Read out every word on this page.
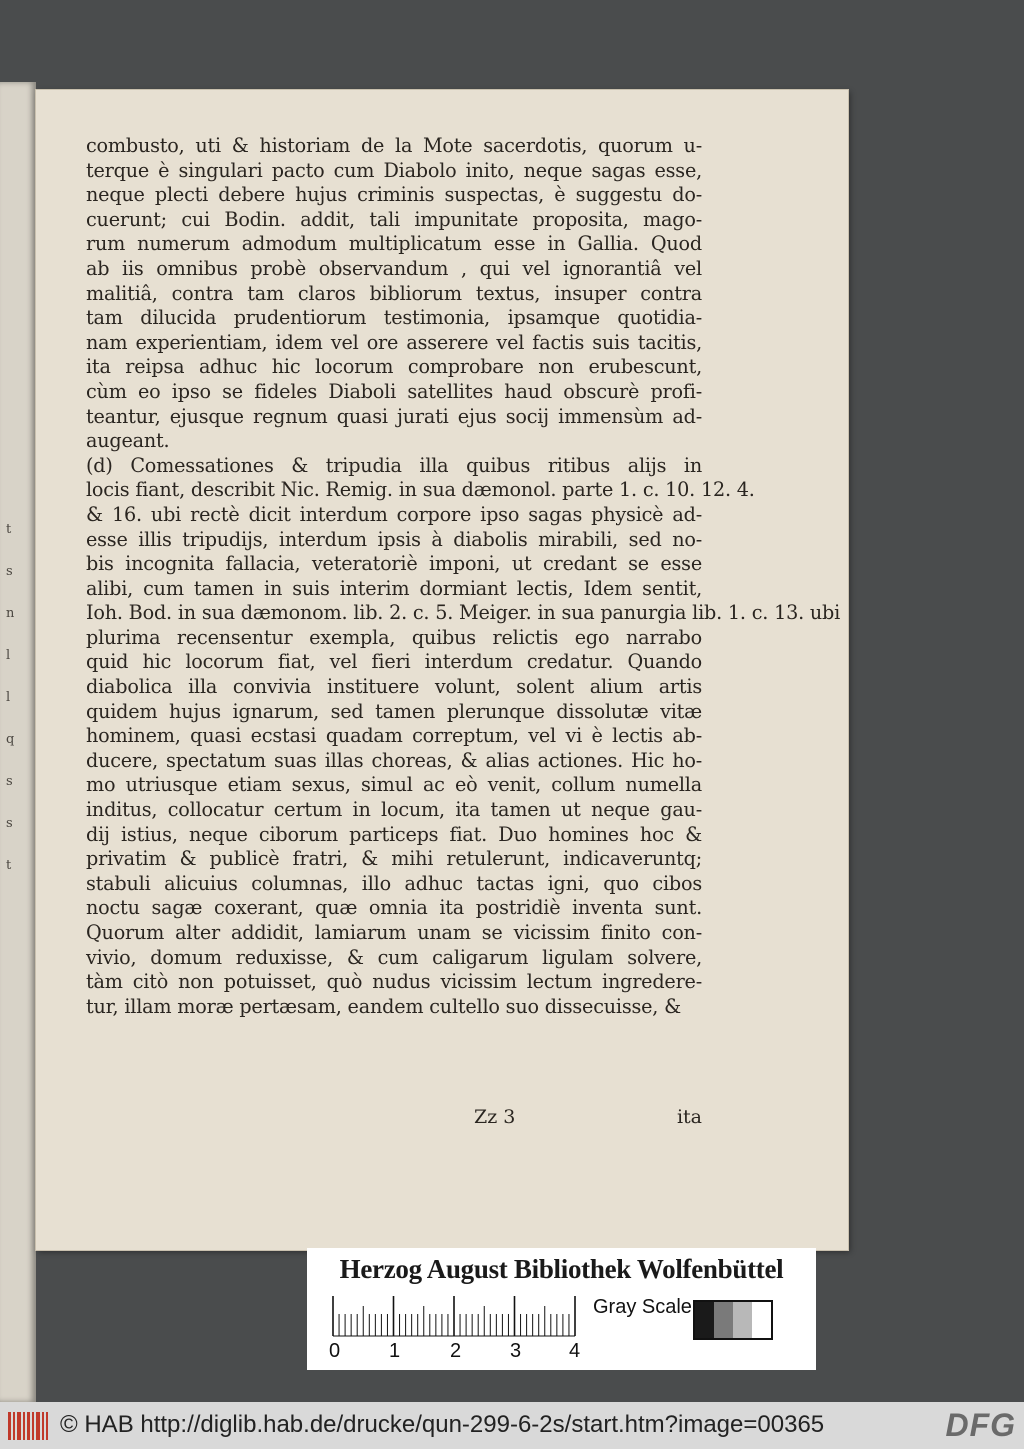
t
s
n
l
l
q
s
s
t
combusto, uti & historiam de la Mote sacerdotis, quorum u-
terque è singulari pacto cum Diabolo inito, neque sagas esse,
neque plecti debere hujus criminis suspectas, è suggestu do-
cuerunt; cui Bodin. addit, tali impunitate proposita, mago-
rum numerum admodum multiplicatum esse in Gallia. Quod
ab iis omnibus probè observandum , qui vel ignorantiâ vel
malitiâ, contra tam claros bibliorum textus, insuper contra
tam dilucida prudentiorum testimonia, ipsamque quotidia-
nam experientiam, idem vel ore asserere vel factis suis tacitis,
ita reipsa adhuc hic locorum comprobare non erubescunt,
cùm eo ipso se fideles Diaboli satellites haud obscurè profi-
teantur, ejusque regnum quasi jurati ejus socij immensùm ad-
augeant.
(d) Comessationes & tripudia illa quibus ritibus alijs in
locis fiant, describit Nic. Remig. in sua dæmonol. parte 1. c. 10. 12. 4.
& 16. ubi rectè dicit interdum corpore ipso sagas physicè ad-
esse illis tripudijs, interdum ipsis à diabolis mirabili, sed no-
bis incognita fallacia, veteratoriè imponi, ut credant se esse
alibi, cum tamen in suis interim dormiant lectis, Idem sentit,
Ioh. Bod. in sua dæmonom. lib. 2. c. 5. Meiger. in sua panurgia lib. 1. c. 13. ubi
plurima recensentur exempla, quibus relictis ego narrabo
quid hic locorum fiat, vel fieri interdum credatur. Quando
diabolica illa convivia instituere volunt, solent alium artis
quidem hujus ignarum, sed tamen plerunque dissolutæ vitæ
hominem, quasi ecstasi quadam correptum, vel vi è lectis ab-
ducere, spectatum suas illas choreas, & alias actiones. Hic ho-
mo utriusque etiam sexus, simul ac eò venit, collum numella
inditus, collocatur certum in locum, ita tamen ut neque gau-
dij istius, neque ciborum particeps fiat. Duo homines hoc &
privatim & publicè fratri, & mihi retulerunt, indicaveruntq;
stabuli alicuius columnas, illo adhuc tactas igni, quo cibos
noctu sagæ coxerant, quæ omnia ita postridiè inventa sunt.
Quorum alter addidit, lamiarum unam se vicissim finito con-
vivio, domum reduxisse, & cum caligarum ligulam solvere,
tàm citò non potuisset, quò nudus vicissim lectum ingrederе-
tur, illam moræ pertæsam, eandem cultello suo dissecuisse, &
Zz 3	ita
Herzog August Bibliothek Wolfenbüttel
0 1 2 3 4
Gray Scale
© HAB http://diglib.hab.de/drucke/qun-299-6-2s/start.htm?image=00365	DFG
